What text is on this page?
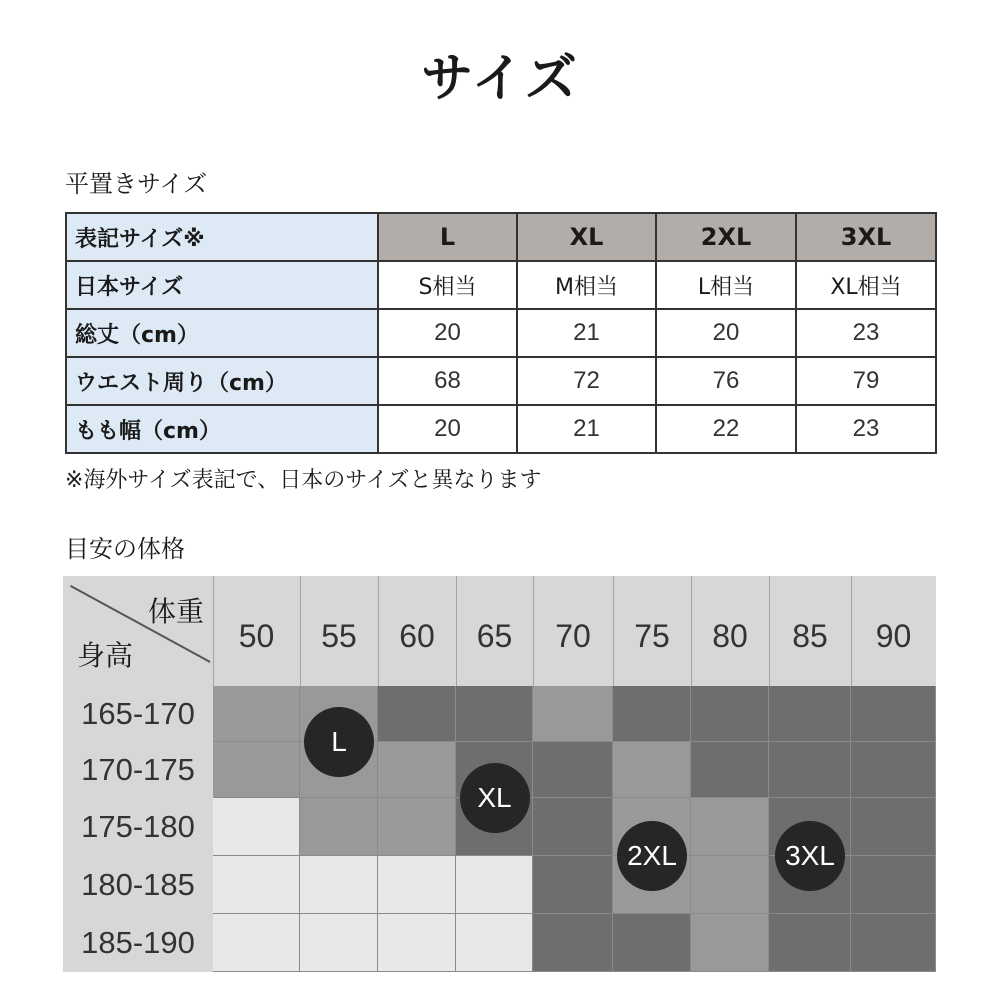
サイズ
平置きサイズ
表記サイズ※	L	XL	2XL	3XL
日本サイズ	S相当	M相当	L相当	XL相当
総丈（cm）	20	21	20	23
ウエスト周り（cm）	68	72	76	79
もも幅（cm）	20	21	22	23
※海外サイズ表記で、日本のサイズと異なります
目安の体格
体重
身高
50	55	60	65	70	75	80	85	90
165-170
170-175
175-180
180-185
185-190
L
XL
2XL	3XL
